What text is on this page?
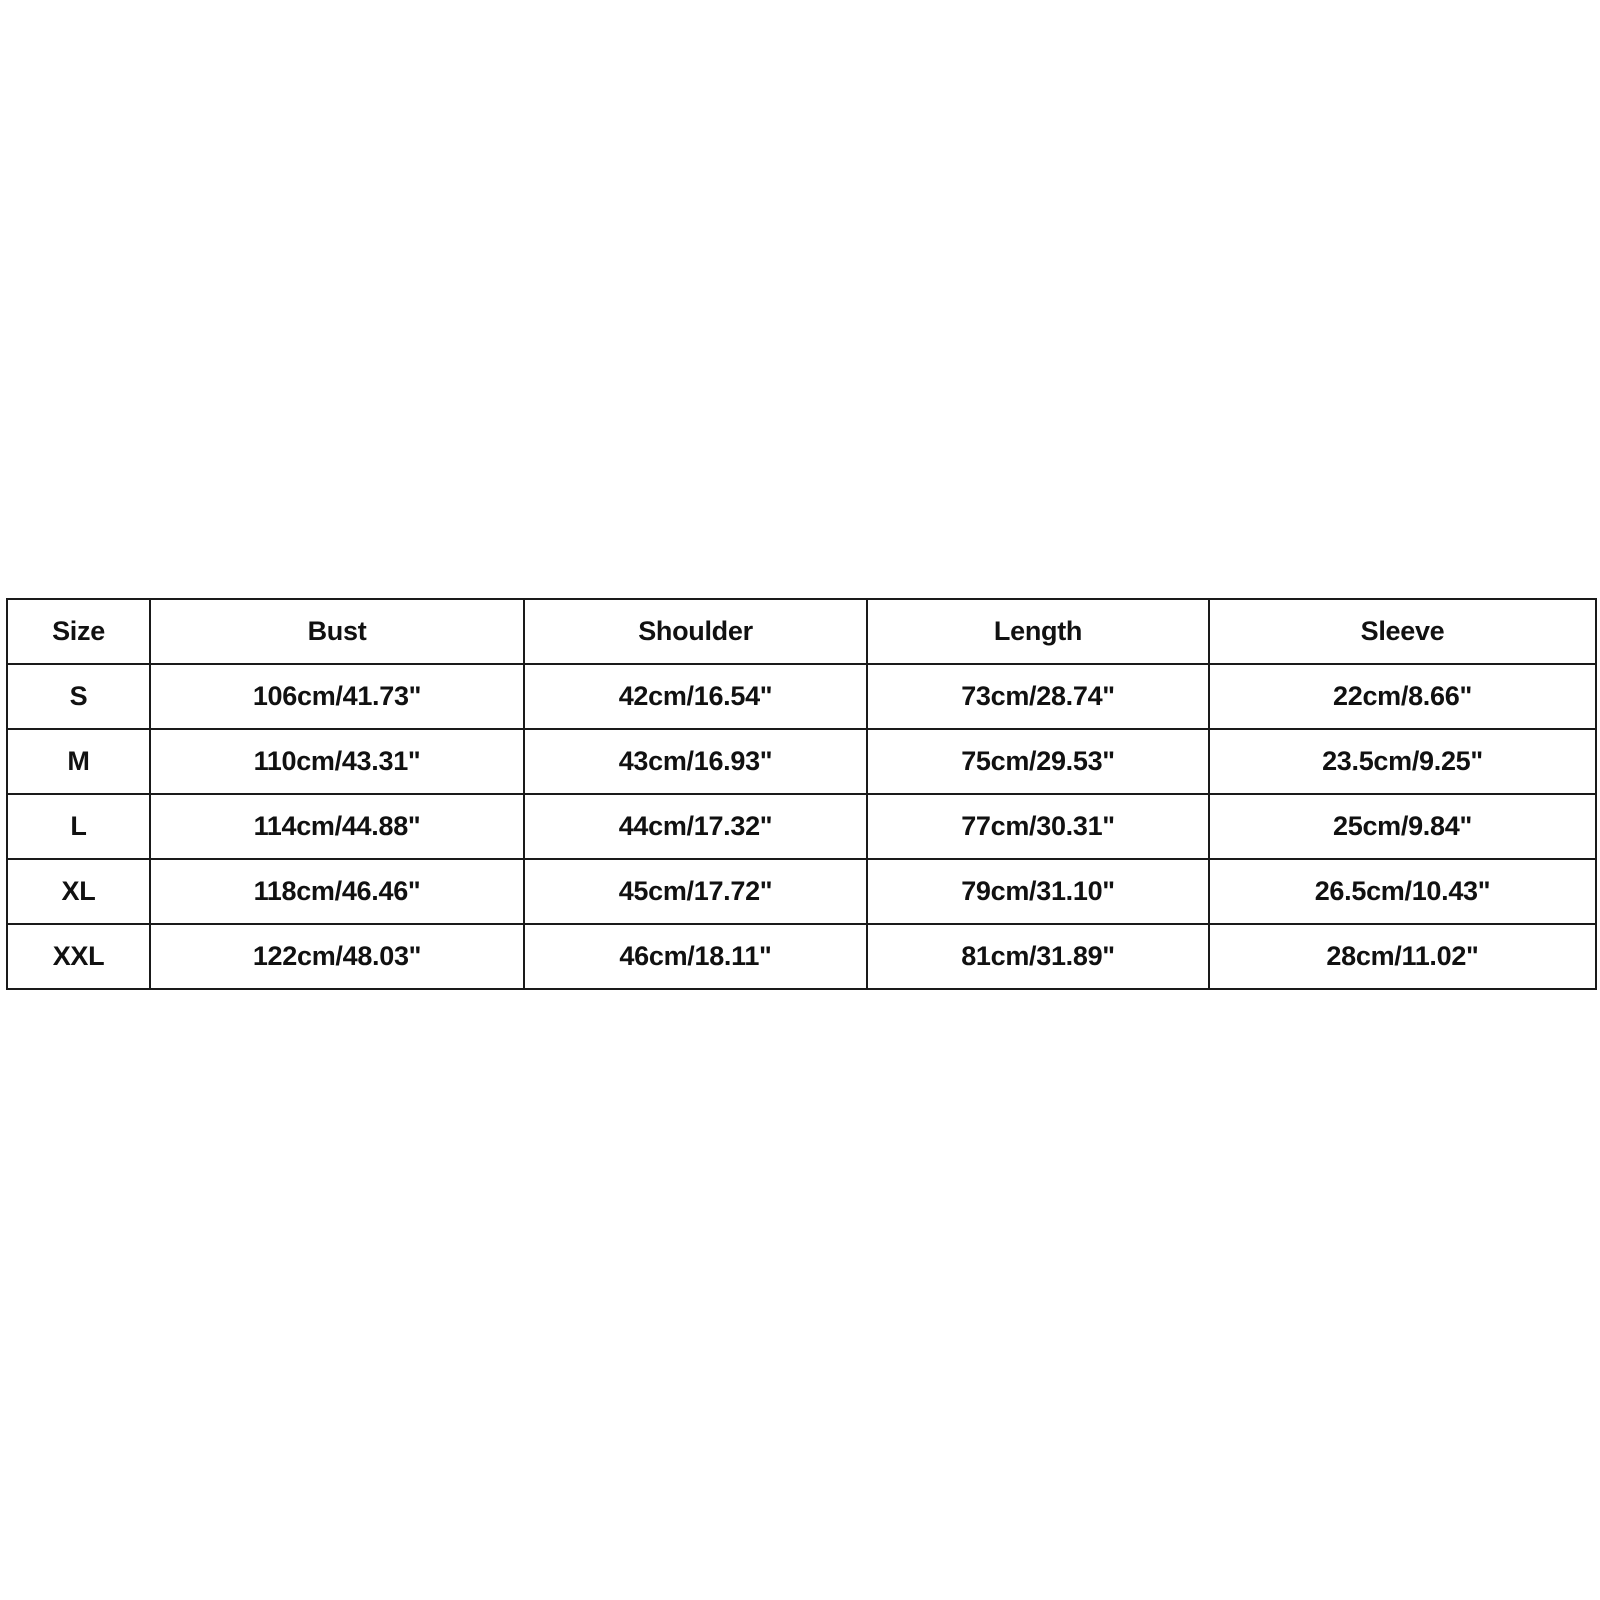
Size	Bust	Shoulder	Length	Sleeve
S	106cm/41.73"	42cm/16.54"	73cm/28.74"	22cm/8.66"
M	110cm/43.31"	43cm/16.93"	75cm/29.53"	23.5cm/9.25"
L	114cm/44.88"	44cm/17.32"	77cm/30.31"	25cm/9.84"
XL	118cm/46.46"	45cm/17.72"	79cm/31.10"	26.5cm/10.43"
XXL	122cm/48.03"	46cm/18.11"	81cm/31.89"	28cm/11.02"
